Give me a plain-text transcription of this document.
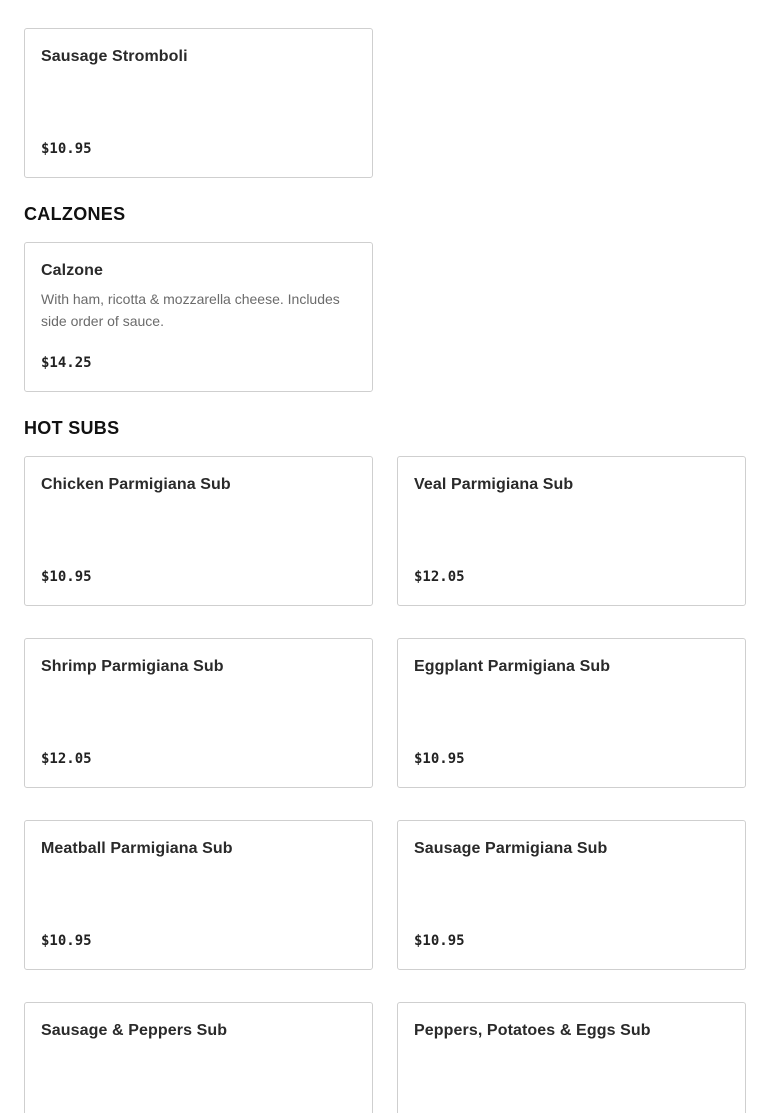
Sausage Stromboli
$10.95
CALZONES
Calzone
With ham, ricotta & mozzarella cheese. Includes side order of sauce.
$14.25
HOT SUBS
Chicken Parmigiana Sub
$10.95
Veal Parmigiana Sub
$12.05
Shrimp Parmigiana Sub
$12.05
Eggplant Parmigiana Sub
$10.95
Meatball Parmigiana Sub
$10.95
Sausage Parmigiana Sub
$10.95
Sausage & Peppers Sub	Peppers, Potatoes & Eggs Sub
